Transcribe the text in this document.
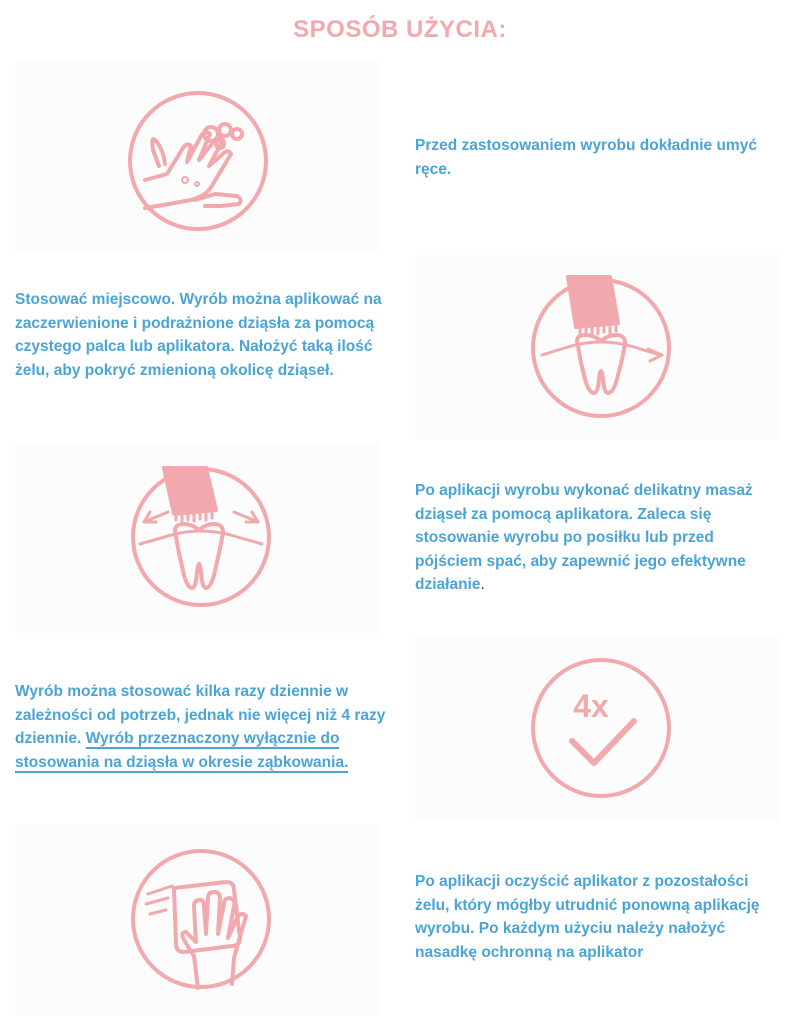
SPOSÓB UŻYCIA:
Przed zastosowaniem wyrobu dokładnie umyć ręce.
Stosować miejscowo. Wyrób można aplikować na zaczerwienione i podrażnione dziąsła za pomocą czystego palca lub aplikatora. Nałożyć taką ilość żelu, aby pokryć zmienioną okolicę dziąseł.
Po aplikacji wyrobu wykonać delikatny masaż dziąseł za pomocą aplikatora. Zaleca się stosowanie wyrobu po posiłku lub przed pójściem spać, aby zapewnić jego efektywne działanie.
4x
Wyrób można stosować kilka razy dziennie w zależności od potrzeb, jednak nie więcej niż 4 razy dziennie. Wyrób przeznaczony wyłącznie do stosowania na dziąsła w okresie ząbkowania.
Po aplikacji oczyścić aplikator z pozostałości żelu, który mógłby utrudnić ponowną aplikację wyrobu. Po każdym użyciu należy nałożyć nasadkę ochronną na aplikator
